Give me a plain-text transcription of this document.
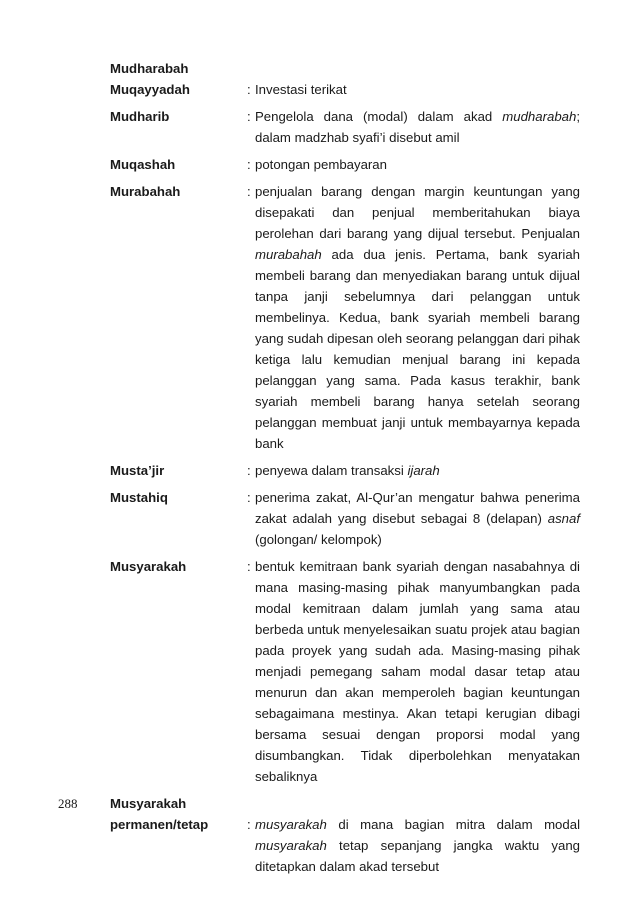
Mudharabah
Muqayyadah	: Investasi terikat
Mudharib	: Pengelola dana (modal) dalam akad mudharabah; dalam madzhab syafi’i disebut amil
Muqashah	: potongan pembayaran
Murabahah	: penjualan barang dengan margin keuntungan yang disepakati dan penjual memberitahukan biaya perolehan dari barang yang dijual tersebut. Penjualan murabahah ada dua jenis. Pertama, bank syariah membeli barang dan menyediakan barang untuk dijual tanpa janji sebelumnya dari pelanggan untuk membelinya. Kedua, bank syariah membeli barang yang sudah dipesan oleh seorang pelanggan dari pihak ketiga lalu kemudian menjual barang ini kepada pelanggan yang sama. Pada kasus terakhir, bank syariah membeli barang hanya setelah seorang pelanggan membuat janji untuk membayarnya kepada bank
Musta’jir	: penyewa dalam transaksi ijarah
Mustahiq	: penerima zakat, Al-Qur’an mengatur bahwa penerima zakat adalah yang disebut sebagai 8 (delapan) asnaf (golongan/ kelompok)
Musyarakah	: bentuk kemitraan bank syariah dengan nasabahnya di mana masing-masing pihak manyumbangkan pada modal kemitraan dalam jumlah yang sama atau berbeda untuk menyelesaikan suatu projek atau bagian pada proyek yang sudah ada. Masing-masing pihak menjadi pemegang saham modal dasar tetap atau menurun dan akan memperoleh bagian keuntungan sebagaimana mestinya. Akan tetapi kerugian dibagi bersama sesuai dengan proporsi modal yang disumbangkan. Tidak diperbolehkan menyatakan sebaliknya
Musyarakah
permanen/tetap	: musyarakah di mana bagian mitra dalam modal musyarakah tetap sepanjang jangka waktu yang ditetapkan dalam akad tersebut
288
